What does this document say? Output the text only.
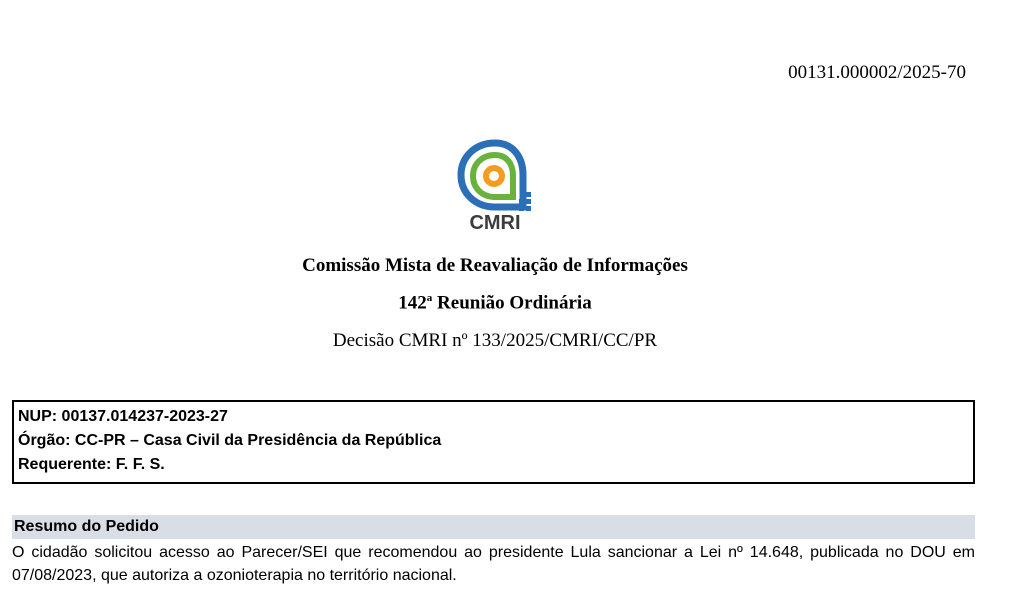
00131.000002/2025-70
CMRI
Comissão Mista de Reavaliação de Informações
142$^a$ Reunião Ordinária
Decisão CMRI nº 133/2025/CMRI/CC/PR
NUP: 00137.014237-2023-27
Órgão: CC-PR – Casa Civil da Presidência da República
Requerente: F. F. S.
Resumo do Pedido
O cidadão solicitou acesso ao Parecer/SEI que recomendou ao presidente Lula sancionar a Lei nº 14.648, publicada no DOU em 07/08/2023, que autoriza a ozonioterapia no território nacional.
